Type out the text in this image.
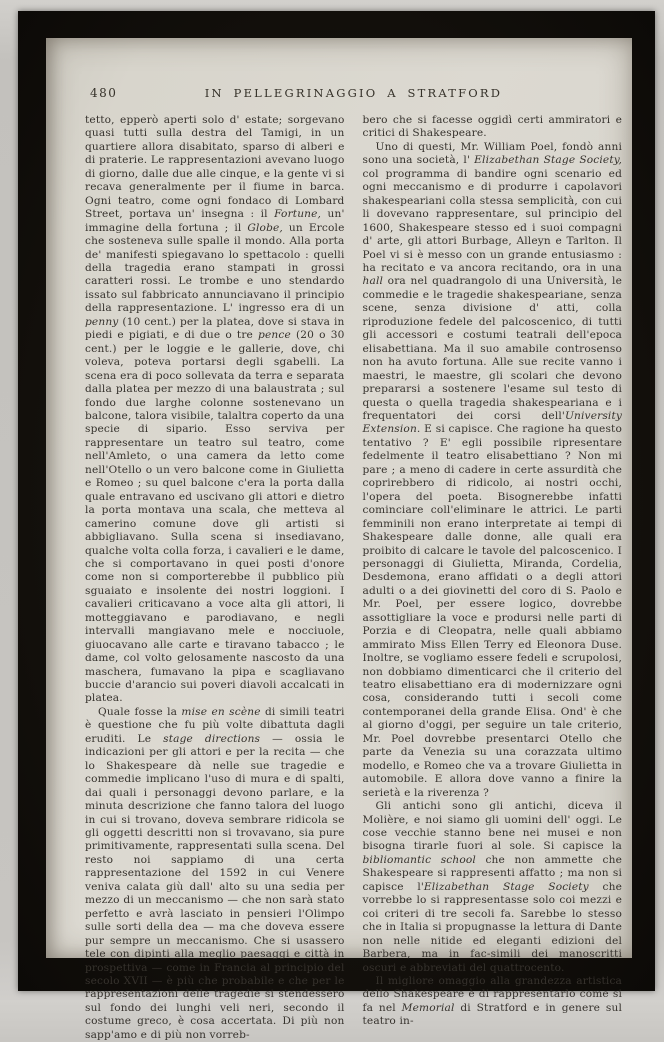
480	IN PELLEGRINAGGIO A STRATFORD

tetto, epperò aperti solo d' estate; sorgevano quasi tutti sulla destra del Tamigi, in un quartiere allora disabitato, sparso di alberi e di praterie. Le rappresentazioni avevano luogo di giorno, dalle due alle cinque, e la gente vi si recava generalmente per il fiume in barca. Ogni teatro, come ogni fondaco di Lombard Street, portava un' insegna : il Fortune, un' immagine della fortuna ; il Globe, un Ercole che sosteneva sulle spalle il mondo. Alla porta de' manifesti spiegavano lo spettacolo : quelli della tragedia erano stampati in grossi caratteri rossi. Le trombe e uno stendardo issato sul fabbricato annunciavano il principio della rappresentazione. L' ingresso era di un penny (10 cent.) per la platea, dove si stava in piedi e pigiati, e di due o tre pence (20 o 30 cent.) per le loggie e le gallerie, dove, chi voleva, poteva portarsi degli sgabelli. La scena era di poco sollevata da terra e separata dalla platea per mezzo di una balaustrata ; sul fondo due larghe colonne sostenevano un balcone, talora visibile, talaltra coperto da una specie di sipario. Esso serviva per rappresentare un teatro sul teatro, come nell'Amleto, o una camera da letto come nell'Otello o un vero balcone come in Giulietta e Romeo ; su quel balcone c'era la porta dalla quale entravano ed uscivano gli attori e dietro la porta montava una scala, che metteva al camerino comune dove gli artisti si abbigliavano. Sulla scena si insediavano, qualche volta colla forza, i cavalieri e le dame, che si comportavano in quei posti d'onore come non si comporterebbe il pubblico più sguaiato e insolente dei nostri loggioni. I cavalieri criticavano a voce alta gli attori, li motteggiavano e parodiavano, e negli intervalli mangiavano mele e nocciuole, giuocavano alle carte e tiravano tabacco ; le dame, col volto gelosamente nascosto da una maschera, fumavano la pipa e scagliavano buccie d'arancio sui poveri diavoli accalcati in platea.

Quale fosse la mise en scène di simili teatri è questione che fu più volte dibattuta dagli eruditi. Le stage directions — ossia le indicazioni per gli attori e per la recita — che lo Shakespeare dà nelle sue tragedie e commedie implicano l'uso di mura e di spalti, dai quali i personaggi devono parlare, e la minuta descrizione che fanno talora del luogo in cui si trovano, doveva sembrare ridicola se gli oggetti descritti non si trovavano, sia pure primitivamente, rappresentati sulla scena. Del resto noi sappiamo di una certa rappresentazione del 1592 in cui Venere veniva calata giù dall' alto su una sedia per mezzo di un meccanismo — che non sarà stato perfetto e avrà lasciato in pensieri l'Olimpo sulle sorti della dea — ma che doveva essere pur sempre un meccanismo. Che si usassero tele con dipinti alla meglio paesaggi e città in prospettiva — come in Francia al principio del secolo XVII — è più che probabile e che per le rappresentazioni delle tragedie si stendessero sul fondo dei lunghi veli neri, secondo il costume greco, è cosa accertata. Di più non sapp'amo e di più non vorreb-

bero che si facesse oggidì certi ammiratori e critici di Shakespeare.

Uno di questi, Mr. William Poel, fondò anni sono una società, l' Elizabethan Stage Society, col programma di bandire ogni scenario ed ogni meccanismo e di produrre i capolavori shakespeariani colla stessa semplicità, con cui li dovevano rappresentare, sul principio del 1600, Shakespeare stesso ed i suoi compagni d' arte, gli attori Burbage, Alleyn e Tarlton. Il Poel vi si è messo con un grande entusiasmo : ha recitato e va ancora recitando, ora in una hall ora nel quadrangolo di una Università, le commedie e le tragedie shakespeariane, senza scene, senza divisione d' atti, colla riproduzione fedele del palcoscenico, di tutti gli accessori e costumi teatrali dell'epoca elisabettiana. Ma il suo amabile controsenso non ha avuto fortuna. Alle sue recite vanno i maestri, le maestre, gli scolari che devono prepararsi a sostenere l'esame sul testo di questa o quella tragedia shakespeariana e i frequentatori dei corsi dell'University Extension. E si capisce. Che ragione ha questo tentativo ? E' egli possibile ripresentare fedelmente il teatro elisabettiano ? Non mi pare ; a meno di cadere in certe assurdità che coprirebbero di ridicolo, ai nostri occhi, l'opera del poeta. Bisognerebbe infatti cominciare coll'eliminare le attrici. Le parti femminili non erano interpretate ai tempi di Shakespeare dalle donne, alle quali era proibito di calcare le tavole del palcoscenico. I personaggi di Giulietta, Miranda, Cordelia, Desdemona, erano affidati o a degli attori adulti o a dei giovinetti del coro di S. Paolo e Mr. Poel, per essere logico, dovrebbe assottigliare la voce e prodursi nelle parti di Porzia e di Cleopatra, nelle quali abbiamo ammirato Miss Ellen Terry ed Eleonora Duse. Inoltre, se vogliamo essere fedeli e scrupolosi, non dobbiamo dimenticarci che il criterio del teatro elisabettiano era di modernizzare ogni cosa, considerando tutti i secoli come contemporanei della grande Elisa. Ond' è che al giorno d'oggi, per seguire un tale criterio, Mr. Poel dovrebbe presentarci Otello che parte da Venezia su una corazzata ultimo modello, e Romeo che va a trovare Giulietta in automobile. E allora dove vanno a finire la serietà e la riverenza ?

Gli antichi sono gli antichi, diceva il Molière, e noi siamo gli uomini dell' oggi. Le cose vecchie stanno bene nei musei e non bisogna tirarle fuori al sole. Si capisce la bibliomantic school che non ammette che Shakespeare si rappresenti affatto ; ma non si capisce l'Elizabethan Stage Society che vorrebbe lo si rappresentasse solo coi mezzi e coi criteri di tre secoli fa. Sarebbe lo stesso che in Italia si propugnasse la lettura di Dante non nelle nitide ed eleganti edizioni del Barbera, ma in fac-simili dei manoscritti oscuri e abbreviati del quattrocento.

Il migliore omaggio alla grandezza artistica dello Shakespeare è di rappresentarlo come si fa nel Memorial di Stratford e in genere sul teatro in-
